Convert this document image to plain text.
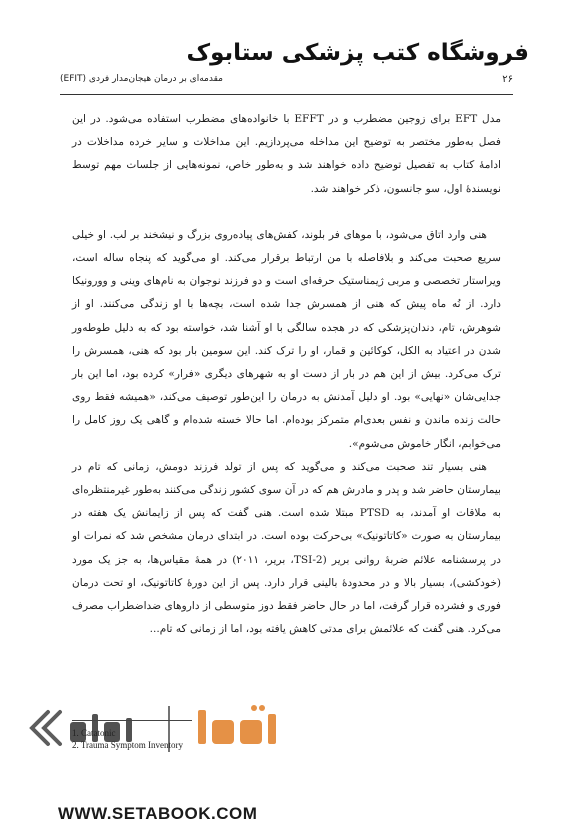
فروشگاه کتب پزشکی ستابوک
۲۶
مقدمه‌ای بر درمان هیجان‌مدار فردی (EFIT)

مدل EFT برای زوجین مضطرب و در EFFT با خانواده‌های مضطرب استفاده می‌شود. در این فصل به‌طور مختصر به توضیح این مداخله می‌پردازیم. این مداخلات و سایر خرده مداخلات در ادامهٔ کتاب به تفصیل توضیح داده خواهند شد و به‌طور خاص، نمونه‌هایی از جلسات مهم توسط نویسندهٔ اول، سو جانسون، ذکر خواهند شد.

هنی وارد اتاق می‌شود، با موهای فر بلوند، کفش‌های پیاده‌روی بزرگ و نیشخند بر لب. او خیلی سریع صحبت می‌کند و بلافاصله با من ارتباط برقرار می‌کند. او می‌گوید که پنجاه ساله است، ویراستار تخصصی و مربی ژیمناستیک حرفه‌ای است و دو فرزند نوجوان به نام‌های وینی و وورونیکا دارد. از نُه ماه پیش که هنی از همسرش جدا شده است، بچه‌ها با او زندگی می‌کنند. او از شوهرش، تام، دندان‌پزشکی که در هجده سالگی با او آشنا شد، خواسته بود که به دلیل طوطه‌ور شدن در اعتیاد به الکل، کوکائین و قمار، او را ترک کند. این سومین بار بود که هنی، همسرش را ترک می‌کرد. بیش از این هم در بار از دست او به شهرهای دیگری «فرار» کرده بود، اما این بار جدایی‌شان «نهایی» بود. او دلیل آمدنش به درمان را این‌طور توصیف می‌کند، «همیشه فقط روی حالت زنده ماندن و نفس بعدی‌ام متمرکز بوده‌ام. اما حالا خسته شده‌ام و گاهی یک روز کامل را می‌خوابم، انگار خاموش می‌شوم».

هنی بسیار تند صحبت می‌کند و می‌گوید که پس از تولد فرزند دومش، زمانی که تام در بیمارستان حاضر شد و پدر و مادرش هم که در آن سوی کشور زندگی می‌کنند به‌طور غیرمنتظره‌ای به ملاقات او آمدند، به PTSD مبتلا شده است. هنی گفت که پس از زایمانش یک هفته در بیمارستان به صورت «کاتاتونیک» بی‌حرکت بوده است. در ابتدای درمان مشخص شد که نمرات او در پرسشنامه علائم ضربهٔ روانی بریر (TSI-2، بریر، ۲۰۱۱) در همهٔ مقیاس‌ها، به جز یک مورد (خودکشی)، بسیار بالا و در محدودهٔ بالینی قرار دارد. پس از این دورهٔ کاتاتونیک، او تحت درمان فوری و فشرده قرار گرفت، اما در حال حاضر فقط دوز متوسطی از داروهای ضداضطراب مصرف می‌کرد. هنی گفت که علائمش برای مدتی کاهش یافته بود، اما از زمانی که تام...

1. Catatonic
2. Trauma Symptom Inventory
WWW.SETABOOK.COM
